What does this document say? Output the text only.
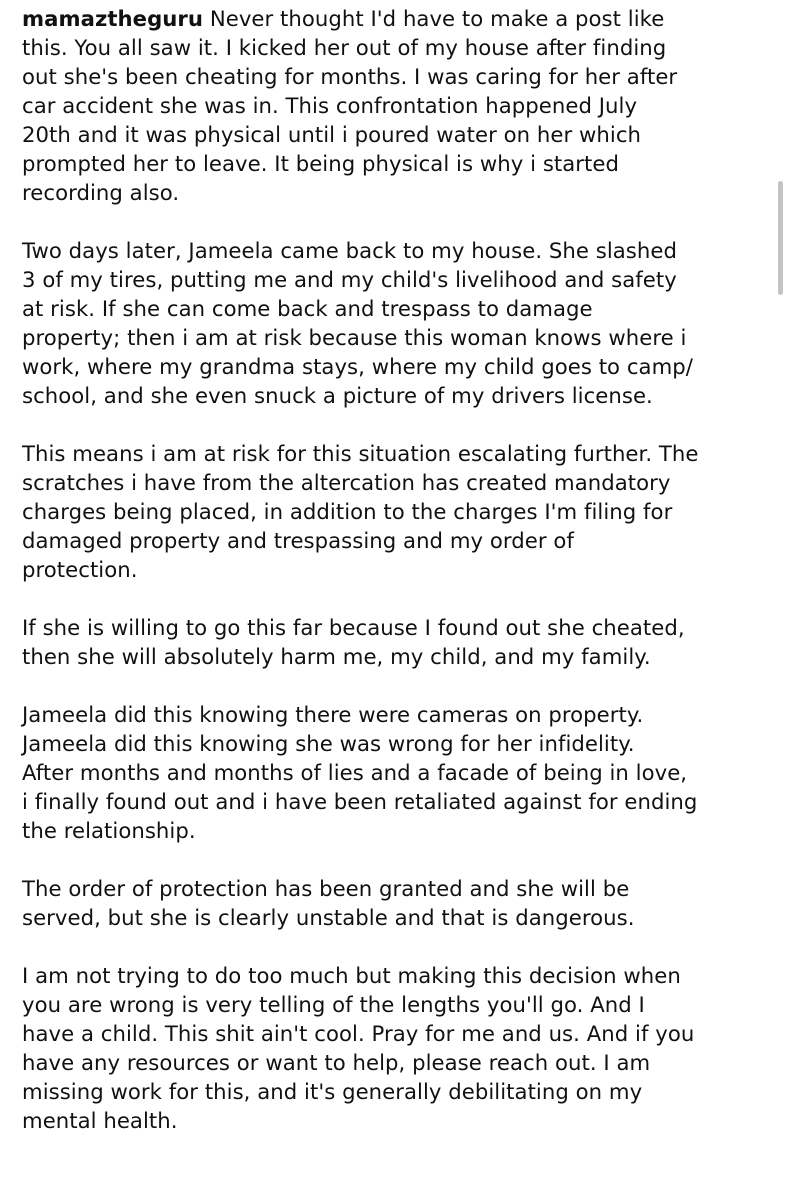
mamaztheguru Never thought I'd have to make a post like
this. You all saw it. I kicked her out of my house after finding
out she's been cheating for months. I was caring for her after
car accident she was in. This confrontation happened July
20th and it was physical until i poured water on her which
prompted her to leave. It being physical is why i started
recording also.

Two days later, Jameela came back to my house. She slashed
3 of my tires, putting me and my child's livelihood and safety
at risk. If she can come back and trespass to damage
property; then i am at risk because this woman knows where i
work, where my grandma stays, where my child goes to camp/
school, and she even snuck a picture of my drivers license.

This means i am at risk for this situation escalating further. The
scratches i have from the altercation has created mandatory
charges being placed, in addition to the charges I'm filing for
damaged property and trespassing and my order of
protection.

If she is willing to go this far because I found out she cheated,
then she will absolutely harm me, my child, and my family.

Jameela did this knowing there were cameras on property.
Jameela did this knowing she was wrong for her infidelity.
After months and months of lies and a facade of being in love,
i finally found out and i have been retaliated against for ending
the relationship.

The order of protection has been granted and she will be
served, but she is clearly unstable and that is dangerous.

I am not trying to do too much but making this decision when
you are wrong is very telling of the lengths you'll go. And I
have a child. This shit ain't cool. Pray for me and us. And if you
have any resources or want to help, please reach out. I am
missing work for this, and it's generally debilitating on my
mental health.
